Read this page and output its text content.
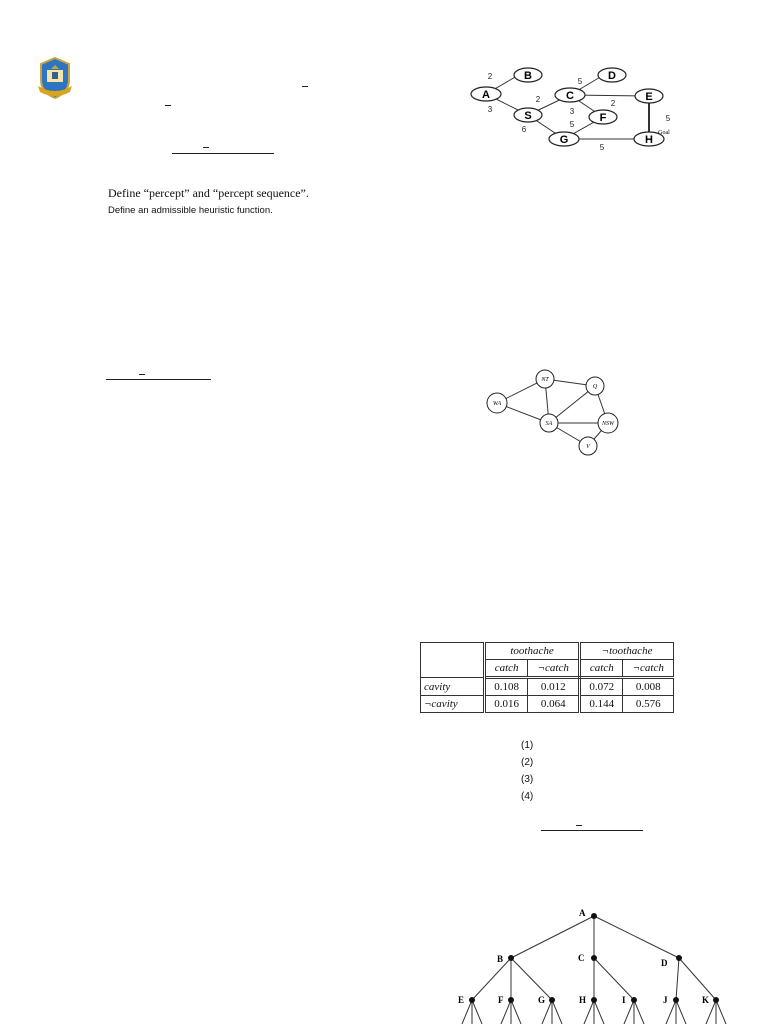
Define “percept” and “percept sequence”.
Define an admissible heuristic function.
A
B
C
D
E
S	F
G	H
2
3
5
2	2
6
3
5
5
5
Goal
NT
Q
WA
SA	NSW
V
	toothache		¬toothache	
	catch	¬catch	catch	¬catch
cavity	0.108	0.012	0.072	0.008
¬cavity	0.016	0.064	0.144	0.576
(1)
(2)
(3)
(4)
A
B	C	D
E	F	G	H	I	J	K
